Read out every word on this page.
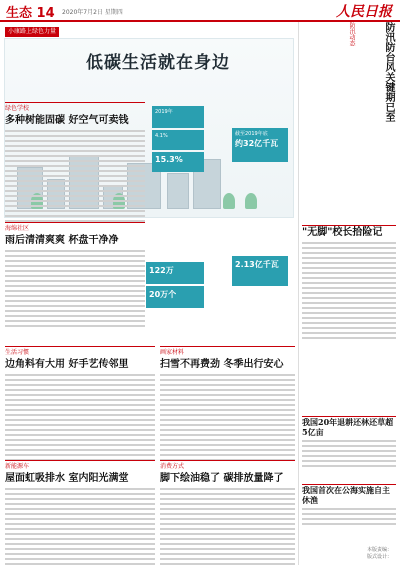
生态 14 2020年7月2日 星期四	人民日报
小康路上绿色力量
低碳生活就在身边
2019年
4.1%
15.3%
截至2019年底
约32亿千瓦
2.13亿千瓦
122万
20万个
绿色学校
多种树能固碳 好空气可卖钱
海绵社区
雨后清清爽爽 杯盘干净净
生活习惯
边角料有大用 好手艺传邻里
新能源车
屋面虹吸排水 室内阳光满堂
画家材料
扫雪不再费劲 冬季出行安心
消费方式
脚下绘油稳了 碳排放量降了
防汛动态	防汛防台风关键期已至
"无脚"校长拾险记
我国20年退耕还林还草超5亿亩
我国首次在公海实施自主休渔
本版责编：
版式设计：
